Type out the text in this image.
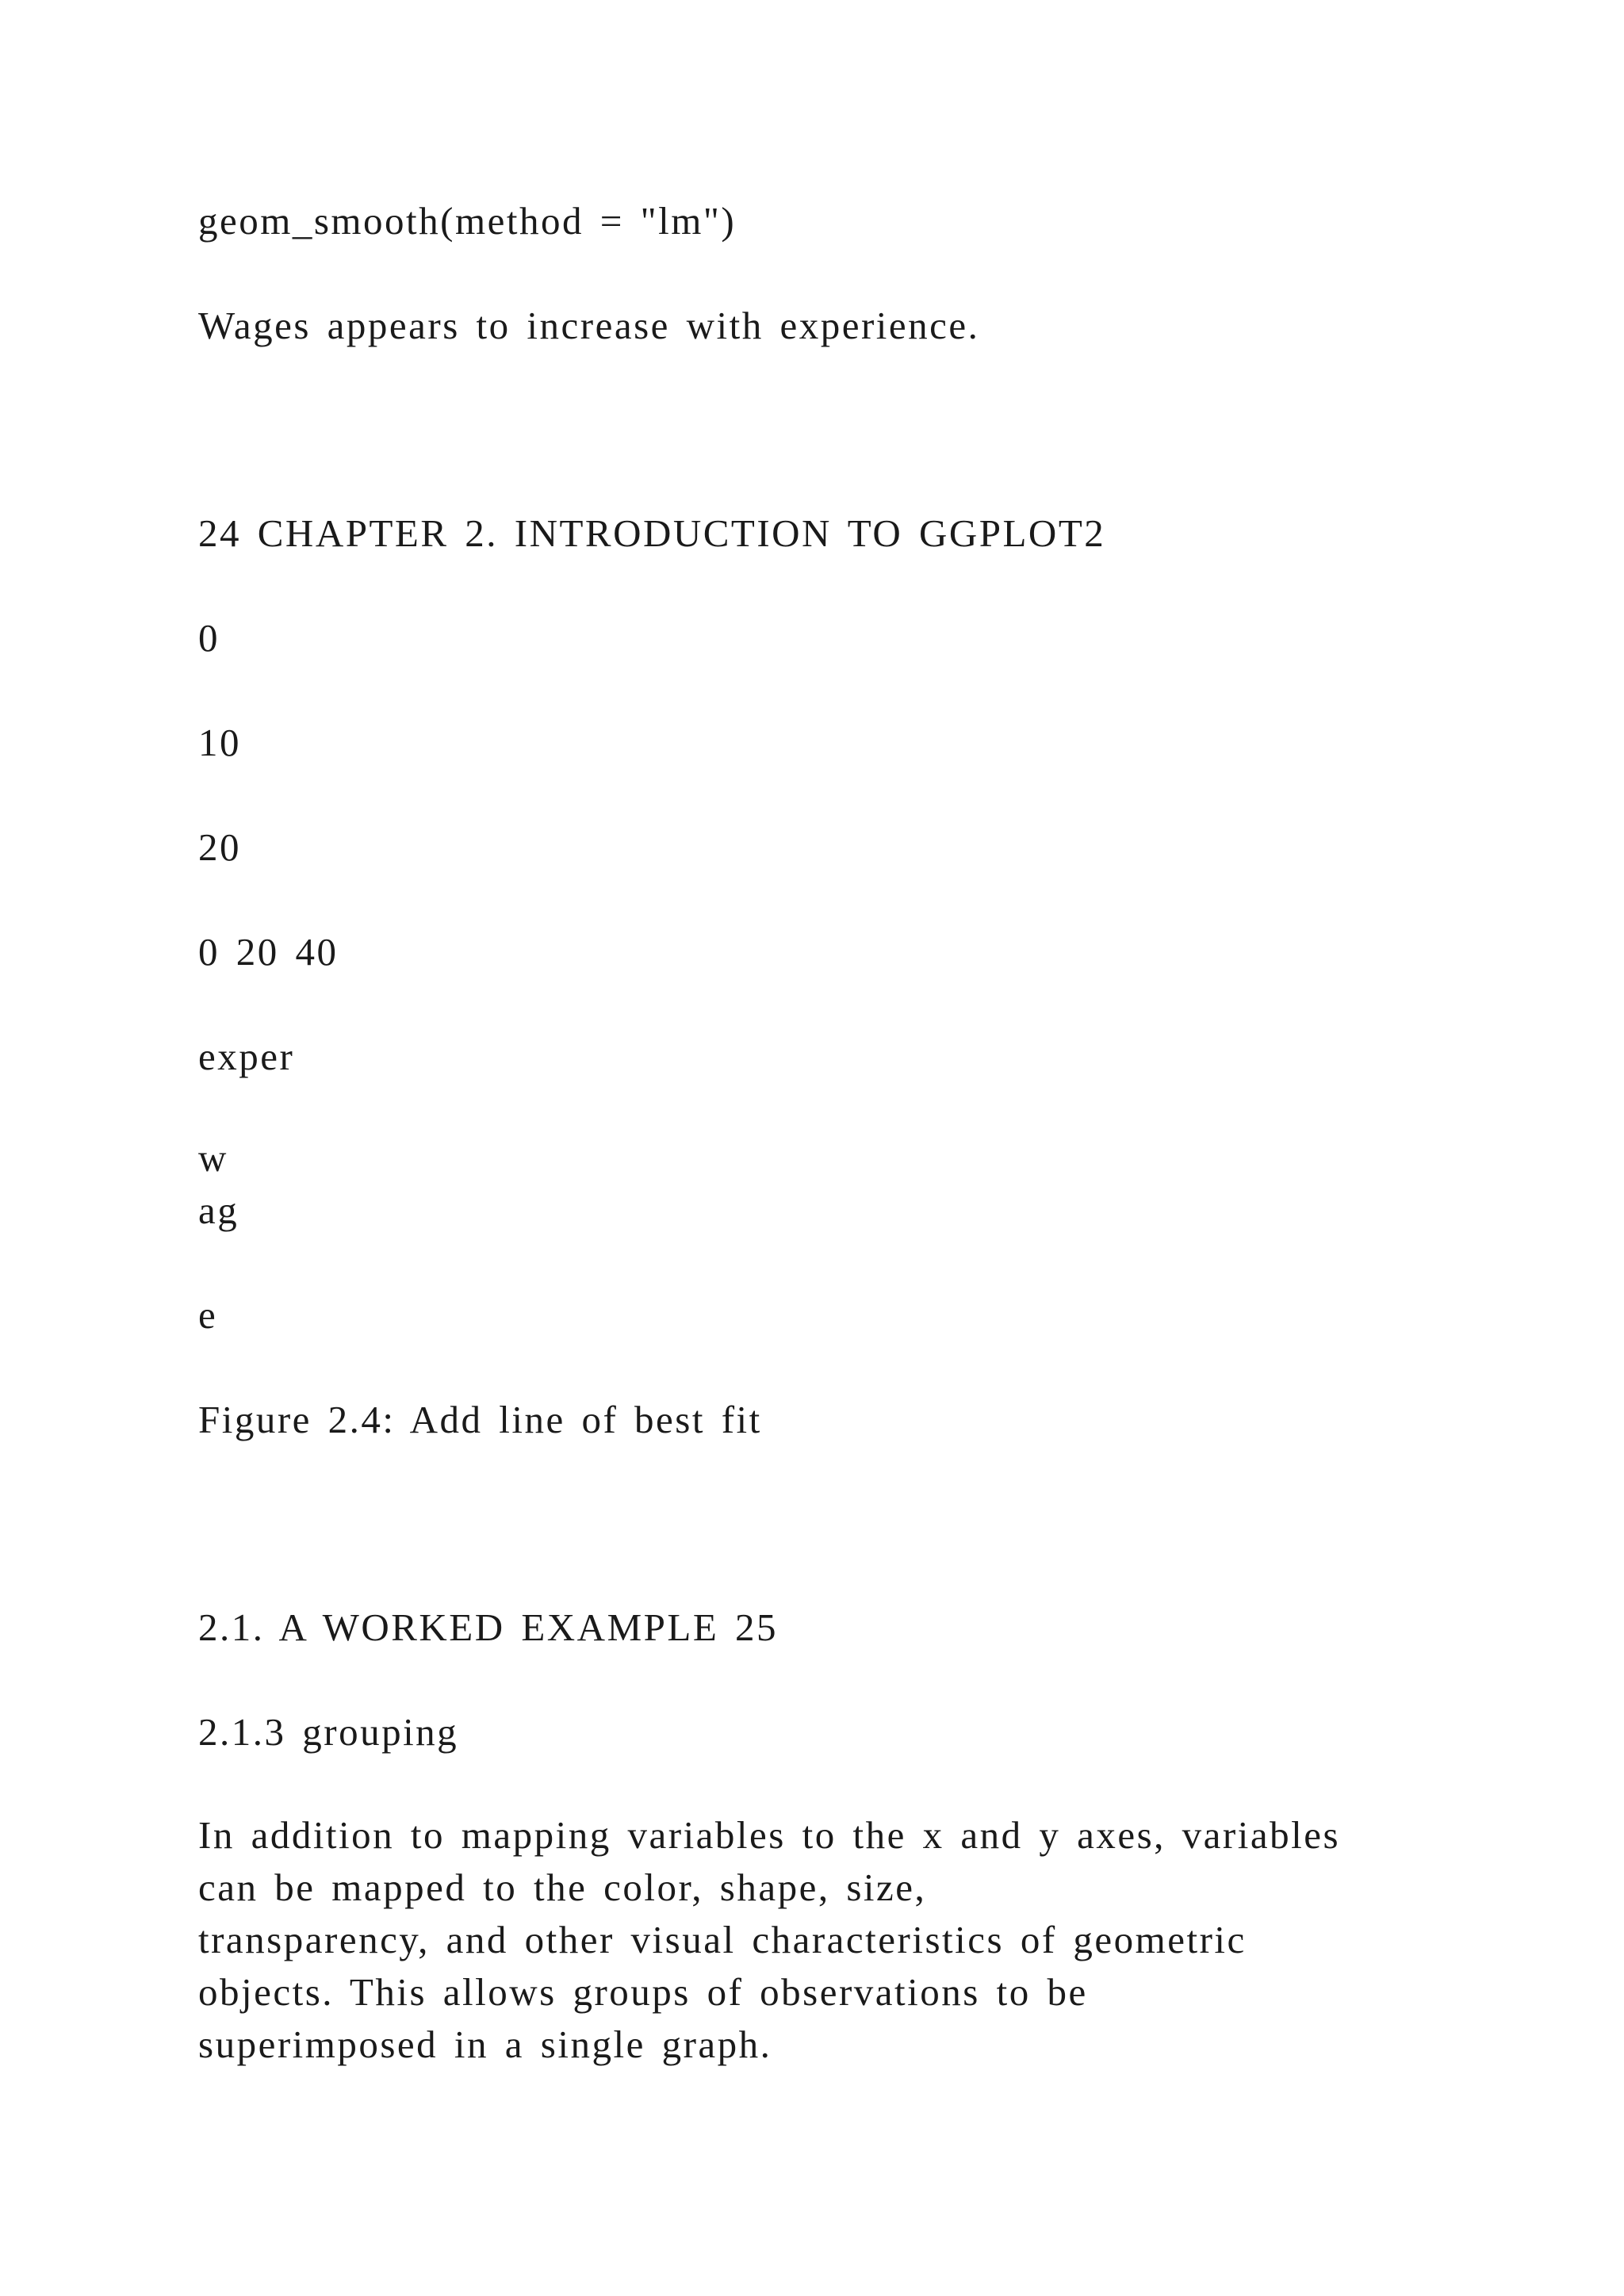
geom_smooth(method = "lm")
Wages appears to increase with experience.
24 CHAPTER 2. INTRODUCTION TO GGPLOT2
0
10
20
0 20 40
exper
w
ag
e
Figure 2.4: Add line of best fit
2.1. A WORKED EXAMPLE 25
2.1.3 grouping
In addition to mapping variables to the x and y axes, variables
can be mapped to the color, shape, size,
transparency, and other visual characteristics of geometric
objects. This allows groups of observations to be
superimposed in a single graph.
